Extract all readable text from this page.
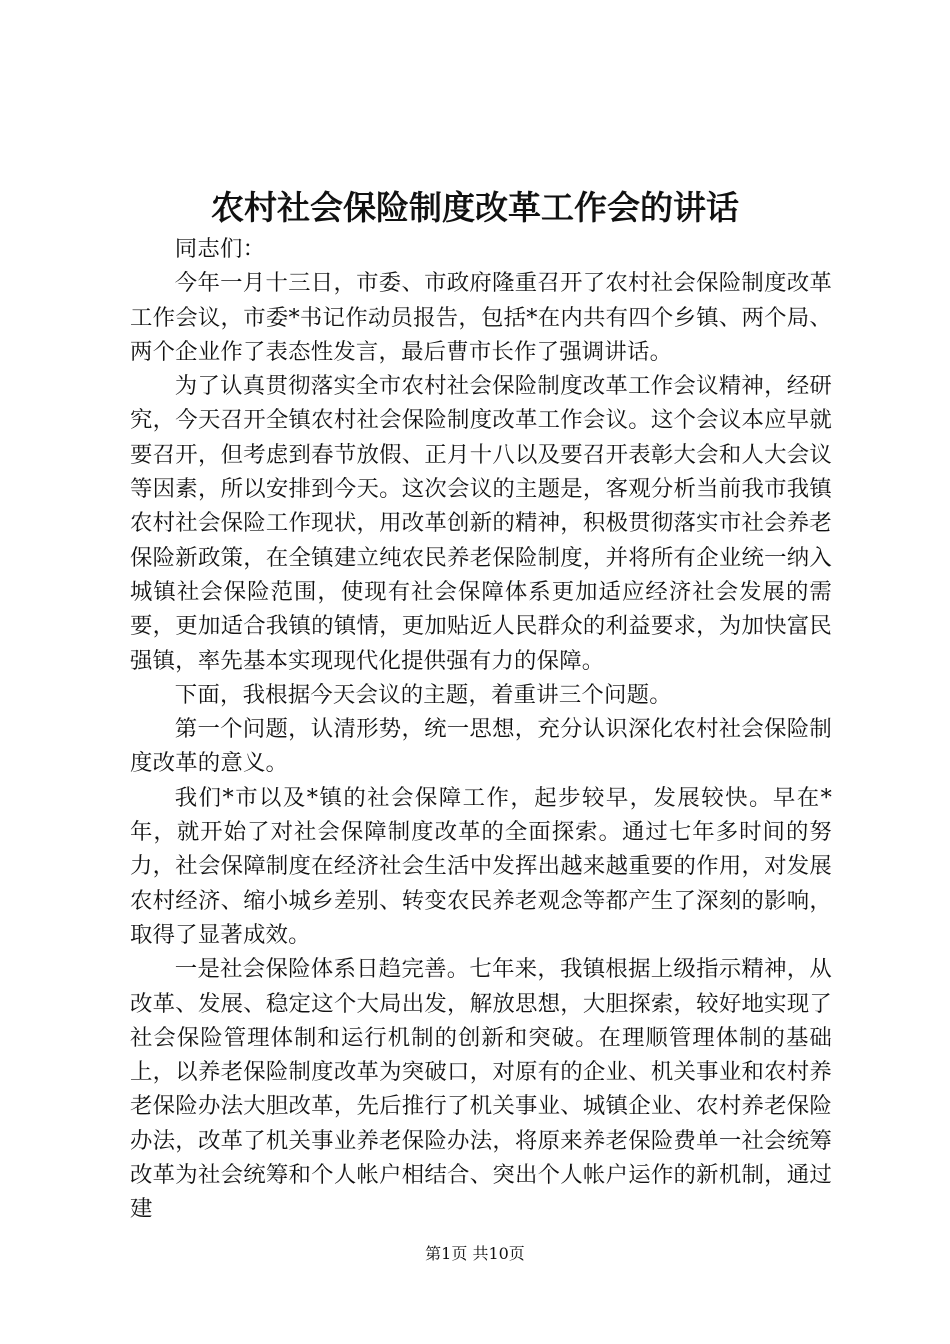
农村社会保险制度改革工作会的讲话

同志们：

今年一月十三日，市委、市政府隆重召开了农村社会保险制度改革工作会议，市委*书记作动员报告，包括*在内共有四个乡镇、两个局、两个企业作了表态性发言，最后曹市长作了强调讲话。

为了认真贯彻落实全市农村社会保险制度改革工作会议精神，经研究，今天召开全镇农村社会保险制度改革工作会议。这个会议本应早就要召开，但考虑到春节放假、正月十八以及要召开表彰大会和人大会议等因素，所以安排到今天。这次会议的主题是，客观分析当前我市我镇农村社会保险工作现状，用改革创新的精神，积极贯彻落实市社会养老保险新政策，在全镇建立纯农民养老保险制度，并将所有企业统一纳入城镇社会保险范围，使现有社会保障体系更加适应经济社会发展的需要，更加适合我镇的镇情，更加贴近人民群众的利益要求，为加快富民强镇，率先基本实现现代化提供强有力的保障。

下面，我根据今天会议的主题，着重讲三个问题。

第一个问题，认清形势，统一思想，充分认识深化农村社会保险制度改革的意义。

我们*市以及*镇的社会保障工作，起步较早，发展较快。早在*年，就开始了对社会保障制度改革的全面探索。通过七年多时间的努力，社会保障制度在经济社会生活中发挥出越来越重要的作用，对发展农村经济、缩小城乡差别、转变农民养老观念等都产生了深刻的影响，取得了显著成效。

一是社会保险体系日趋完善。七年来，我镇根据上级指示精神，从改革、发展、稳定这个大局出发，解放思想，大胆探索，较好地实现了社会保险管理体制和运行机制的创新和突破。在理顺管理体制的基础上，以养老保险制度改革为突破口，对原有的企业、机关事业和农村养老保险办法大胆改革，先后推行了机关事业、城镇企业、农村养老保险办法，改革了机关事业养老保险办法，将原来养老保险费单一社会统筹改革为社会统筹和个人帐户相结合、突出个人帐户运作的新机制，通过建

第1页 共10页
